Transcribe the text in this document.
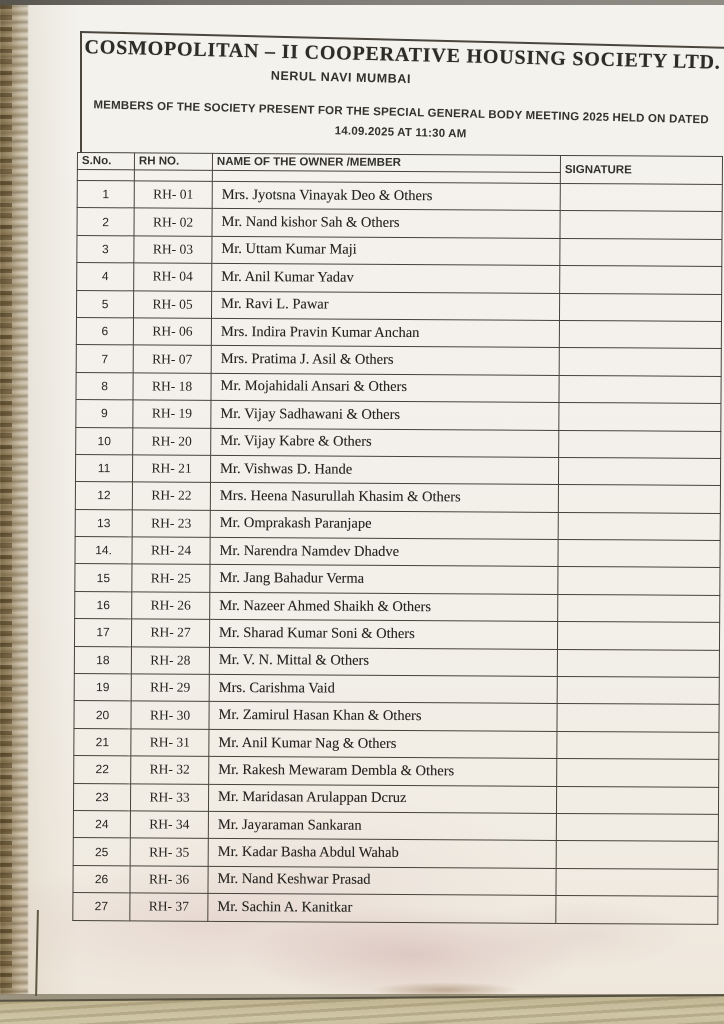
COSMOPOLITAN – II COOPERATIVE HOUSING SOCIETY LTD.
NERUL NAVI MUMBAI
MEMBERS OF THE SOCIETY PRESENT FOR THE SPECIAL GENERAL BODY MEETING 2025 HELD ON DATED
14.09.2025 AT 11:30 AM
S.No.	RH NO.	NAME OF THE OWNER /MEMBER	SIGNATURE

1	RH- 01	Mrs. Jyotsna Vinayak Deo & Others	
2	RH- 02	Mr. Nand kishor Sah & Others	
3	RH- 03	Mr. Uttam Kumar Maji	
4	RH- 04	Mr. Anil Kumar Yadav	
5	RH- 05	Mr. Ravi L. Pawar	
6	RH- 06	Mrs. Indira Pravin Kumar Anchan	
7	RH- 07	Mrs. Pratima J. Asil & Others	
8	RH- 18	Mr. Mojahidali Ansari & Others	
9	RH- 19	Mr. Vijay Sadhawani & Others	
10	RH- 20	Mr. Vijay Kabre & Others	
11	RH- 21	Mr. Vishwas D. Hande	
12	RH- 22	Mrs. Heena Nasurullah Khasim & Others	
13	RH- 23	Mr. Omprakash Paranjape	
14.	RH- 24	Mr. Narendra Namdev Dhadve	
15	RH- 25	Mr. Jang Bahadur Verma	
16	RH- 26	Mr. Nazeer Ahmed Shaikh & Others	
17	RH- 27	Mr. Sharad Kumar Soni & Others	
18	RH- 28	Mr. V. N. Mittal & Others	
19	RH- 29	Mrs. Carishma Vaid	
20	RH- 30	Mr. Zamirul Hasan Khan & Others	
21	RH- 31	Mr. Anil Kumar Nag & Others	
22	RH- 32	Mr. Rakesh Mewaram Dembla & Others	
23	RH- 33	Mr. Maridasan Arulappan Dcruz	
24	RH- 34	Mr. Jayaraman Sankaran	
25	RH- 35	Mr. Kadar Basha Abdul Wahab	
26	RH- 36	Mr. Nand Keshwar Prasad	
27	RH- 37	Mr. Sachin A. Kanitkar	
